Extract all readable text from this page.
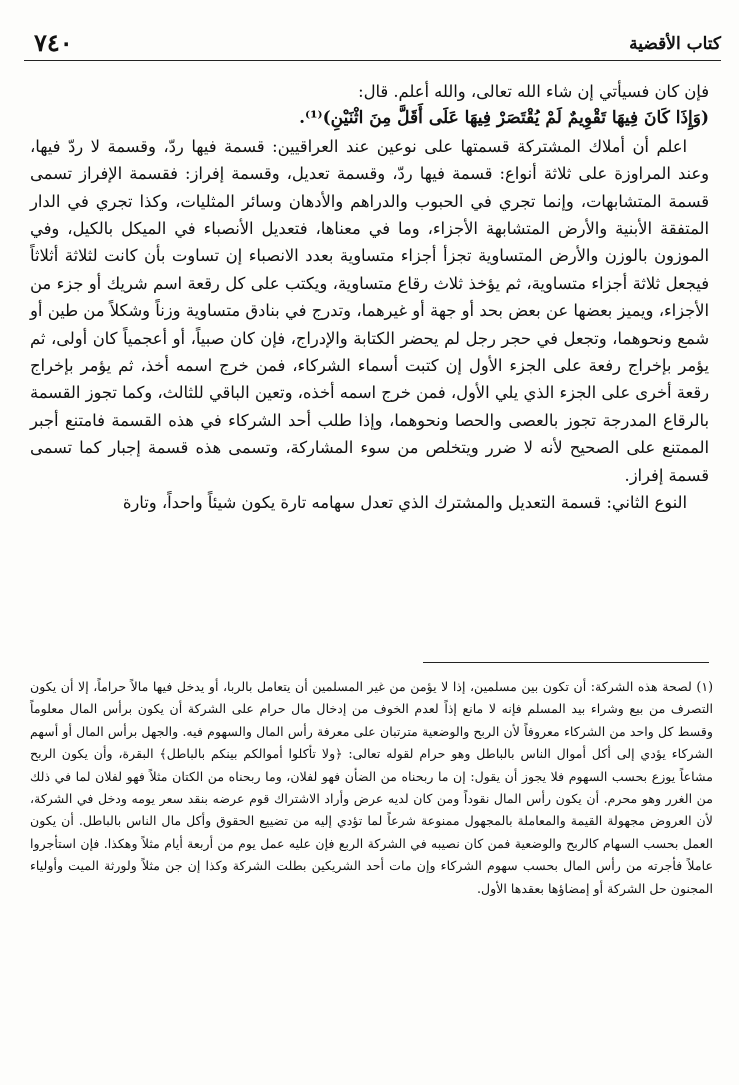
كتاب الأقضية
٧٤٠

فإن كان فسيأتي إن شاء الله تعالى، والله أعلم. قال:

(وَإِذَا كَانَ فِيهَا تَقْوِيمٌ لَمْ يُقْتَصَرْ فِيهَا عَلَى أَقَلَّ مِنَ اثْنَيْنِ)⁽¹⁾.

اعلم أن أملاك المشتركة قسمتها على نوعين عند العراقيين: قسمة فيها ردّ، وقسمة لا ردّ فيها، وعند المراوزة على ثلاثة أنواع: قسمة فيها ردّ، وقسمة تعديل، وقسمة إفراز: فقسمة الإفراز تسمى قسمة المتشابهات، وإنما تجري في الحبوب والدراهم والأدهان وسائر المثليات، وكذا تجري في الدار المتفقة الأبنية والأرض المتشابهة الأجزاء، وما في معناها، فتعديل الأنصباء في الميكل بالكيل، وفي الموزون بالوزن والأرض المتساوية تجزأ أجزاء متساوية بعدد الانصباء إن تساوت بأن كانت لثلاثة أثلاثاً فيجعل ثلاثة أجزاء متساوية، ثم يؤخذ ثلاث رقاع متساوية، ويكتب على كل رقعة اسم شريك أو جزء من الأجزاء، ويميز بعضها عن بعض بحد أو جهة أو غيرهما، وتدرج في بنادق متساوية وزناً وشكلاً من طين أو شمع ونحوهما، وتجعل في حجر رجل لم يحضر الكتابة والإدراج، فإن كان صبياً، أو أعجمياً كان أولى، ثم يؤمر بإخراج رفعة على الجزء الأول إن كتبت أسماء الشركاء، فمن خرج اسمه أخذ، ثم يؤمر بإخراج رقعة أخرى على الجزء الذي يلي الأول، فمن خرج اسمه أخذه، وتعين الباقي للثالث، وكما تجوز القسمة بالرقاع المدرجة تجوز بالعصى والحصا ونحوهما، وإذا طلب أحد الشركاء في هذه القسمة فامتنع أجبر الممتنع على الصحيح لأنه لا ضرر ويتخلص من سوء المشاركة، وتسمى هذه قسمة إجبار كما تسمى قسمة إفراز.

النوع الثاني: قسمة التعديل والمشترك الذي تعدل سهامه تارة يكون شيئاً واحداً، وتارة

(١) لصحة هذه الشركة: أن تكون بين مسلمين، إذا لا يؤمن من غير المسلمين أن يتعامل بالربا، أو يدخل فيها مالاً حراماً، إلا أن يكون التصرف من بيع وشراء بيد المسلم فإنه لا مانع إذاً لعدم الخوف من إدخال مال حرام على الشركة أن يكون برأس المال معلوماً وقسط كل واحد من الشركاء معروفاً لأن الربح والوضعية مترتبان على معرفة رأس المال والسهوم فيه. والجهل برأس المال أو أسهم الشركاء يؤدي إلى أكل أموال الناس بالباطل وهو حرام لقوله تعالى: ﴿ولا تأكلوا أموالكم بينكم بالباطل﴾ البقرة، وأن يكون الربح مشاعاً يوزع بحسب السهوم فلا يجوز أن يقول: إن ما ربحناه من الضأن فهو لفلان، وما ربحناه من الكتان مثلاً فهو لفلان لما في ذلك من الغرر وهو محرم. أن يكون رأس المال نقوداً ومن كان لديه عرض وأراد الاشتراك قوم عرضه بنقد سعر يومه ودخل في الشركة، لأن العروض مجهولة القيمة والمعاملة بالمجهول ممنوعة شرعاً لما تؤدي إليه من تضييع الحقوق وأكل مال الناس بالباطل. أن يكون العمل بحسب السهام كالربح والوضعية فمن كان نصيبه في الشركة الربع فإن عليه عمل يوم من أربعة أيام مثلاً وهكذا. فإن استأجروا عاملاً فأجرته من رأس المال بحسب سهوم الشركاء وإن مات أحد الشريكين بطلت الشركة وكذا إن جن مثلاً ولورثة الميت وأولياء المجنون حل الشركة أو إمضاؤها بعقدها الأول.
